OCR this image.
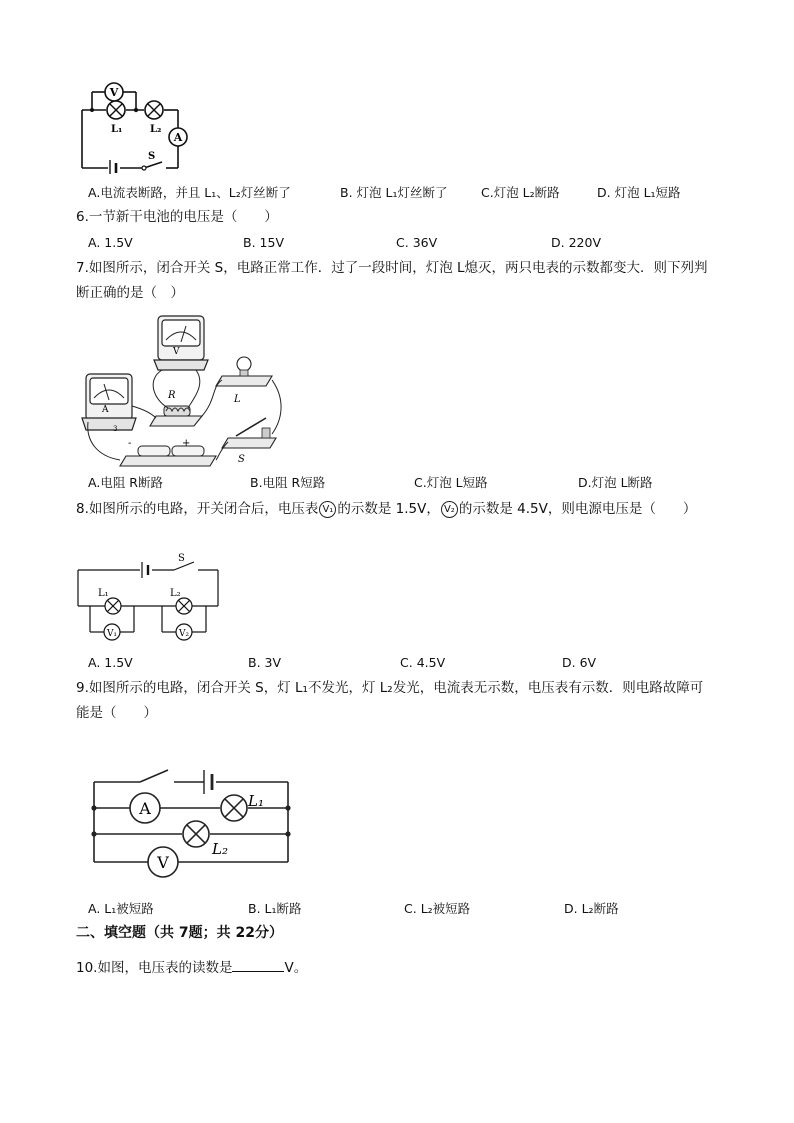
V
A
L₁	L₂
S
A.电流表断路，并且 L₁、L₂灯丝断了	B. 灯泡 L₁灯丝断了	C.灯泡 L₂断路	D. 灯泡 L₁短路
6.一节新干电池的电压是（　　）
A. 1.5V	B. 15V	C. 36V	D. 220V
7.如图所示，闭合开关 S，电路正常工作．过了一段时间，灯泡 L熄灭，两只电表的示数都变大．则下列判
断正确的是（　）
V
A
3
R	L
-	+
S
A.电阻 R断路	B.电阻 R短路	C.灯泡 L短路	D.灯泡 L断路
8.如图所示的电路，开关闭合后，电压表 V₁ 的示数是 1.5V， V₂ 的示数是 4.5V，则电源电压是（　　）
V₁	V₂
S
L₁	L₂
A. 1.5V	B. 3V	C. 4.5V	D. 6V
9.如图所示的电路，闭合开关 S，灯 L₁不发光，灯 L₂发光，电流表无示数，电压表有示数．则电路故障可
能是（　　）
A
V
L₁
L₂
A. L₁被短路	B. L₁断路	C. L₂被短路	D. L₂断路
二、填空题（共 7题；共 22分）
10.如图，电压表的读数是	V。
